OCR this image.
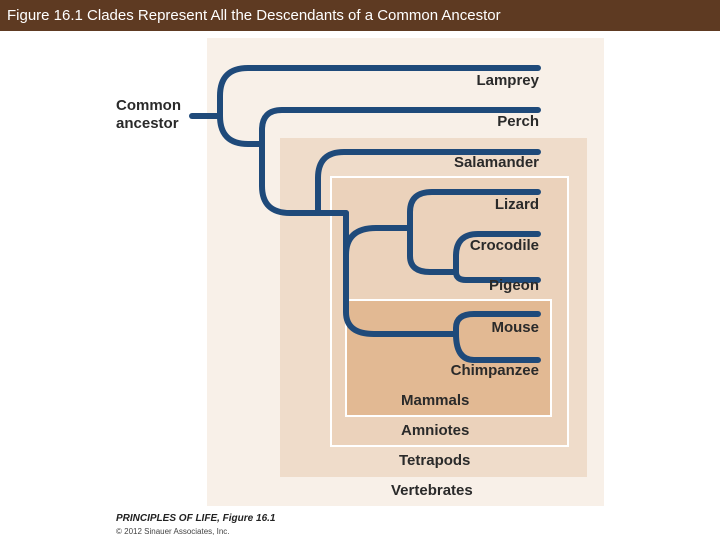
Figure 16.1 Clades Represent All the Descendants of a Common Ancestor
Common
ancestor
Lamprey
Perch
Salamander
Lizard
Crocodile
Pigeon
Mouse
Chimpanzee
Mammals
Amniotes
Tetrapods
Vertebrates
PRINCIPLES OF LIFE, Figure 16.1
© 2012 Sinauer Associates, Inc.
